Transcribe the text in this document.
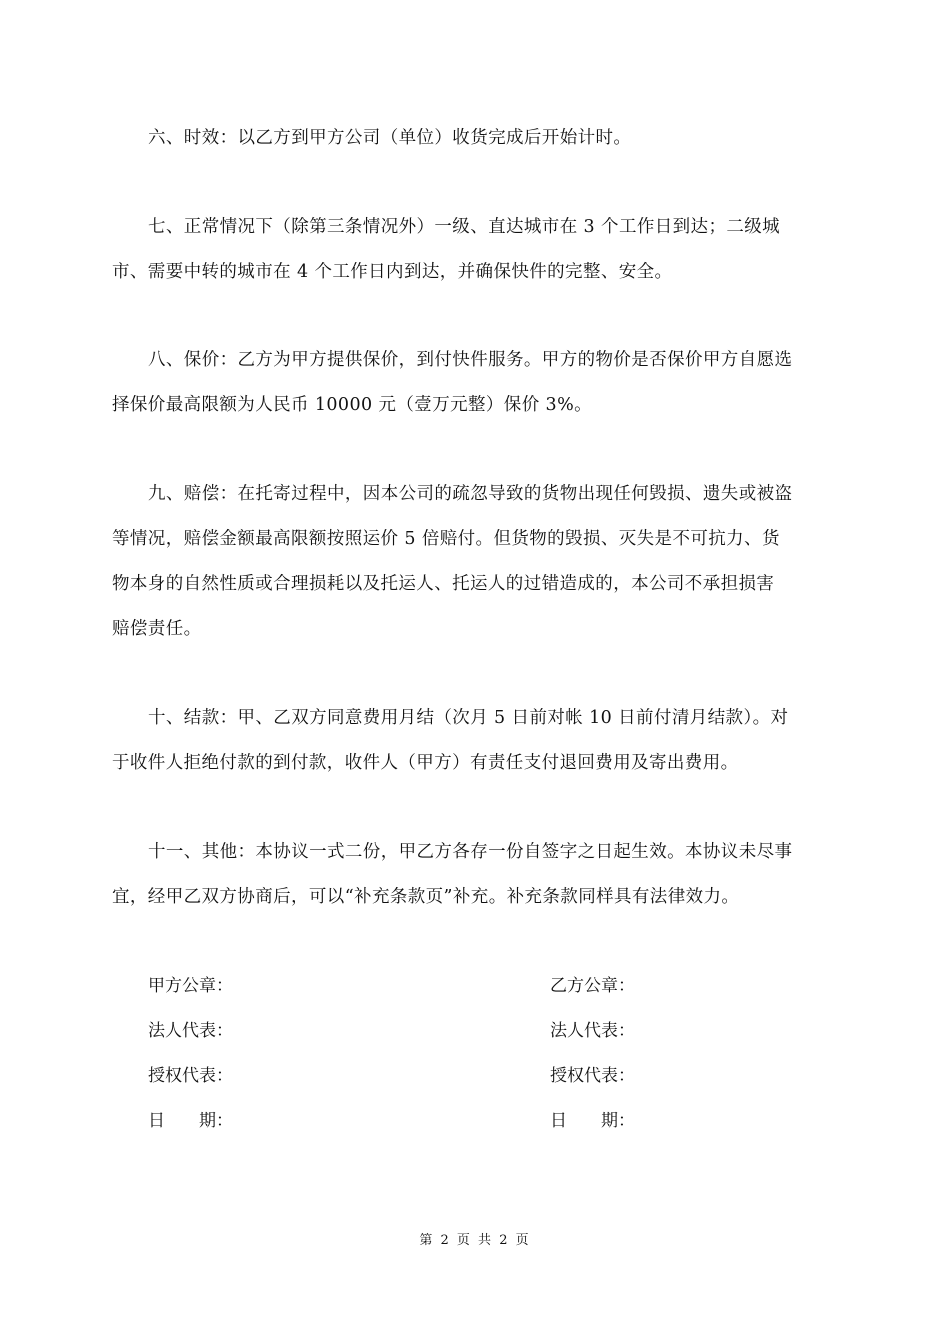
六、时效：以乙方到甲方公司（单位）收货完成后开始计时。
七、正常情况下（除第三条情况外）一级、直达城市在 3 个工作日到达；二级城
市、需要中转的城市在 4 个工作日内到达，并确保快件的完整、安全。
八、保价：乙方为甲方提供保价，到付快件服务。甲方的物价是否保价甲方自愿选
择保价最高限额为人民币 10000 元（壹万元整）保价 3%。
九、赔偿：在托寄过程中，因本公司的疏忽导致的货物出现任何毁损、遗失或被盗
等情况，赔偿金额最高限额按照运价 5 倍赔付。但货物的毁损、灭失是不可抗力、货
物本身的自然性质或合理损耗以及托运人、托运人的过错造成的，本公司不承担损害
赔偿责任。
十、结款：甲、乙双方同意费用月结（次月 5 日前对帐 10 日前付清月结款）。对
于收件人拒绝付款的到付款，收件人（甲方）有责任支付退回费用及寄出费用。
十一、其他：本协议一式二份，甲乙方各存一份自签字之日起生效。本协议未尽事
宜，经甲乙双方协商后，可以“补充条款页”补充。补充条款同样具有法律效力。
甲方公章：
法人代表：
授权代表：
日　　期：
乙方公章：
法人代表：
授权代表：
日　　期：
第 2 页 共 2 页
